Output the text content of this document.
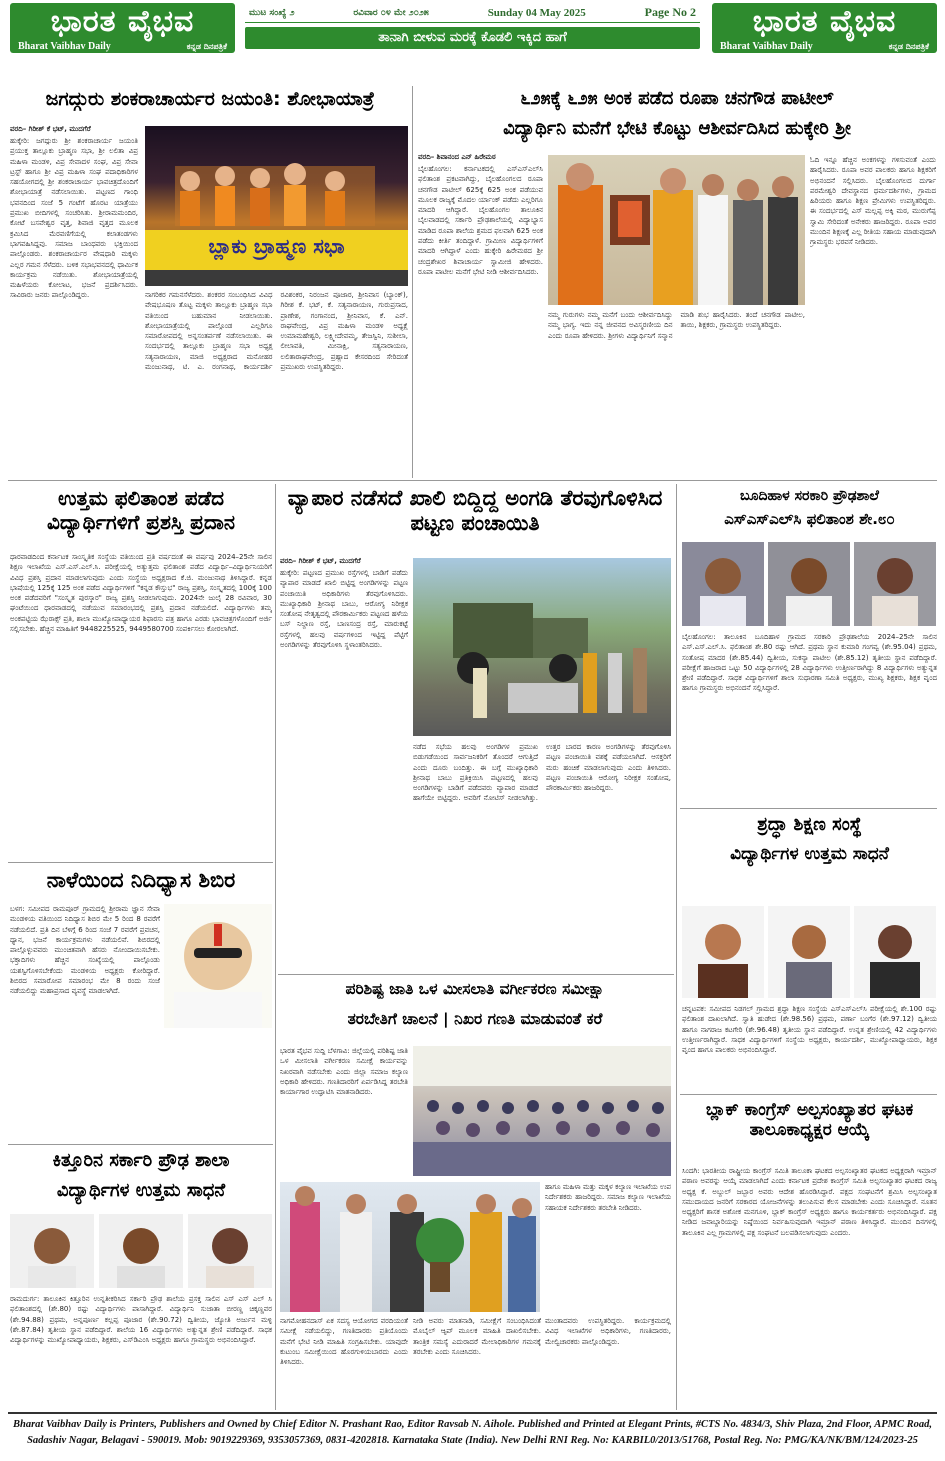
ಭಾರತ ವೈಭವ
Bharat Vaibhav Daily	ಕನ್ನಡ ದಿನಪತ್ರಿಕೆ
ಮುಟ ಸಂಖ್ಯೆ ೨	ರವಿವಾರ ೦೪ ಮೇ ೨೦೨೫	Sunday 04 May 2025	Page No 2
ತಾನಾಗಿ ಬೀಳುವ ಮರಕ್ಕೆ ಕೊಡಲಿ ಇಕ್ಕಿದ ಹಾಗೆ	ಭಾರತ ವೈಭವ
Bharat Vaibhav Daily	ಕನ್ನಡ ದಿನಪತ್ರಿಕೆ
ಜಗದ್ಗುರು ಶಂಕರಾಚಾರ್ಯರ ಜಯಂತಿ: ಶೋಭಾಯಾತ್ರೆ
ವರದಿ– ಗಿರೀಶ್ ಕೆ ಭಟ್, ಮುದಗೆರೆ
ಹುಕ್ಕೇರಿ: ಜಗದ್ಗುರು ಶ್ರೀ ಶಂಕರಾಚಾರ್ಯ ಜಯಂತಿ ಪ್ರಯುಕ್ತ ತಾಲ್ಲೂಕು ಬ್ರಾಹ್ಮಣ ಸಭಾ, ಶ್ರೀ ಲಲಿತಾ ವಿಪ್ರ ಮಹಿಳಾ ಮಂಡಳಿ, ವಿಪ್ರ ಸೇವಾದಳ ಸಂಘ, ವಿಪ್ರ ಸೇವಾ ಟ್ರಸ್ಟ್ ಹಾಗೂ ಶ್ರೀ ವಿಪ್ರ ಮಹಿಳಾ ಸಂಘ ಪದಾಧಿಕಾರಿಗಳ ಸಹಯೋಗದಲ್ಲಿ ಶ್ರೀ ಶಂಕರಾಚಾರ್ಯ ಭಾವಚಿತ್ರದೊಂದಿಗೆ ಶೋಭಾಯಾತ್ರೆ ನಡೆಸಲಾಯಿತು. ಪಟ್ಟಣದ ಗಾಂಧಿ ಭವನದಿಂದ ಸಂಜೆ 5 ಗಂಟೆಗೆ ಹೊರಟ ಯಾತ್ರೆಯು ಪ್ರಮುಖ ಬೀದಿಗಳಲ್ಲಿ ಸಂಚರಿಸಿತು. ಶ್ರೀರಾಮಮಂದಿರ, ಕೋಟೆ ಬಸವೇಶ್ವರ ವೃತ್ತ, ಶಿವಾಜಿ ವೃತ್ತದ ಮೂಲಕ ಕ್ರಮಿಸಿದ ಮೆರವಣಿಗೆಯಲ್ಲಿ ಕಲಾತಂಡಗಳು ಭಾಗವಹಿಸಿದ್ದವು. ಸಮಾಜ ಬಾಂಧವರು ಭಕ್ತಿಯಿಂದ ಪಾಲ್ಗೊಂಡರು. ಶಂಕರಾಚಾರ್ಯರ ವೇಷಧಾರಿ ಮಕ್ಕಳು ಎಲ್ಲರ ಗಮನ ಸೆಳೆದರು. ಬಳಿಕ ಸಭಾಭವನದಲ್ಲಿ ಧಾರ್ಮಿಕ ಕಾರ್ಯಕ್ರಮ ನಡೆಯಿತು. ಶೋಭಾಯಾತ್ರೆಯಲ್ಲಿ ಮಹಿಳೆಯರು ಕೋಲಾಟ, ಭಜನೆ ಪ್ರದರ್ಶಿಸಿದರು. ಸಾವಿರಾರು ಜನರು ಪಾಲ್ಗೊಂಡಿದ್ದರು.
ಬ್ಲಾಕು ಬ್ರಾಹ್ಮಣ ಸಭಾ
ನಾಗರಿಕರ ಗಮನಸೆಳೆದರು. ಶಂಕರರ ಸಂಬಂಧಿಸಿದ ವಿವಿಧ ವೇಷಭೂಷಣ ತೊಟ್ಟ ಮಕ್ಕಳು ತಾಲ್ಲೂಕು ಬ್ರಾಹ್ಮಣ ಸಭಾ ವತಿಯಿಂದ ಬಹುಮಾನ ನೀಡಲಾಯಿತು. ಶೋಭಾಯಾತ್ರೆಯಲ್ಲಿ ಪಾಲ್ಗೊಂಡ ಎಲ್ಲರಿಗೂ ಸಮಾರೋಪದಲ್ಲಿ ಅನ್ನಸಂತರ್ಪಣೆ ನಡೆಸಲಾಯಿತು. ಈ ಸಂದರ್ಭದಲ್ಲಿ ತಾಲ್ಲೂಕು ಬ್ರಾಹ್ಮಣ ಸಭಾ ಅಧ್ಯಕ್ಷ ಸತ್ಯನಾರಾಯಣ, ಮಾಜಿ ಅಧ್ಯಕ್ಷರಾದ ಮನೋಹರ ಮಂಜುನಾಥ, ಟಿ. ಎ. ರಂಗನಾಥ, ಕಾರ್ಯದರ್ಶಿ ರವಿಶಂಕರ, ನಿರಂಜನ ಪೂಜಾರ, ಶ್ರೀನಿವಾಸ (ಬ್ಯಾಂಕ್), ಗಿರೀಶ ಕೆ. ಭಟ್, ಕೆ. ಸತ್ಯನಾರಾಯಣ, ಗುರುಪ್ರಸಾದ, ಪ್ರಾಣೇಶ, ಗಂಗಾನಂದ, ಶ್ರೀನಿವಾಸ, ಕೆ. ಎನ್. ರಾಘವೇಂದ್ರ, ವಿಪ್ರ ಮಹಿಳಾ ಮಂಡಳಿ ಅಧ್ಯಕ್ಷೆ ಉಮಾಮಹೇಶ್ವರಿ, ಲಕ್ಷ್ಮೀದೇವಮ್ಮ, ತೇಜಸ್ವಿನಿ, ಸುಶೀಲಾ, ಲೀಲಾವತಿ, ಮೀನಾಕ್ಷಿ, ಸತ್ಯನಾರಾಯಣ, ಲಲಿತಾರಾಘವೇಂದ್ರ, ಪ್ರಹ್ಲಾದ ಕೇಸರದಿಂದ ಸೇರಿದಂತೆ ಪ್ರಮುಖರು ಉಪಸ್ಥಿತರಿದ್ದರು.
೬೨೫ಕ್ಕೆ ೬೨೫ ಅಂಕ ಪಡೆದ ರೂಪಾ ಚನಗೌಡ ಪಾಟೀಲ್
ವಿದ್ಯಾರ್ಥಿನಿ ಮನೆಗೆ ಭೇಟಿ ಕೊಟ್ಟು ಆಶೀರ್ವದಿಸಿದ ಹುಕ್ಕೇರಿ ಶ್ರೀ
ವರದಿ– ಶಿವಾನಂದ ಎನ್ ಹಿರೇಮಠ
ಬೈಲಹೊಂಗಲ: ಕರ್ನಾಟಕದಲ್ಲಿ ಎಸ್‌ಎಸ್‌ಎಲ್‌ಸಿ ಫಲಿತಾಂಶ ಪ್ರಕಟವಾಗಿದ್ದು, ಬೈಲಹೊಂಗಲದ ರೂಪಾ ಚನಗೌಡ ಪಾಟೀಲ್ 625ಕ್ಕೆ 625 ಅಂಕ ಪಡೆಯುವ ಮೂಲಕ ರಾಜ್ಯಕ್ಕೆ ಮೊದಲ ರ್ಯಾಂಕ್ ಪಡೆದು ಎಲ್ಲರಿಗೂ ಮಾದರಿ ಆಗಿದ್ದಾರೆ. ಬೈಲಹೊಂಗಲ ತಾಲೂಕಿನ ಬೈಲವಾಡದಲ್ಲಿ ಸರ್ಕಾರಿ ಪ್ರೌಢಶಾಲೆಯಲ್ಲಿ ವಿದ್ಯಾಭ್ಯಾಸ ಮಾಡಿದ ರೂಪಾ ಶಾಲೆಯ ಶ್ರಮದ ಫಲವಾಗಿ 625 ಅಂಕ ಪಡೆದು ಕೀರ್ತಿ ತಂದಿದ್ದಾಳೆ. ಗ್ರಾಮೀಣ ವಿದ್ಯಾರ್ಥಿಗಳಿಗೆ ಮಾದರಿ ಆಗಿದ್ದಾಳೆ ಎಂದು ಹುಕ್ಕೇರಿ ಹಿರೇಮಠದ ಶ್ರೀ ಚಂದ್ರಶೇಖರ ಶಿವಾಚಾರ್ಯ ಸ್ವಾಮೀಜಿ ಹೇಳಿದರು. ರೂಪಾ ಪಾಟೀಲ ಮನೆಗೆ ಭೇಟಿ ನೀಡಿ ಆಶೀರ್ವದಿಸಿದರು.
ನಮ್ಮ ಗುರುಗಳು ನಮ್ಮ ಮನೆಗೆ ಬಂದು ಆಶೀರ್ವದಿಸಿದ್ದು ನಮ್ಮ ಭಾಗ್ಯ. ಇದು ನನ್ನ ಜೀವನದ ಅವಿಸ್ಮರಣೀಯ ದಿನ ಎಂದು ರೂಪಾ ಹೇಳಿದರು. ಶ್ರೀಗಳು ವಿದ್ಯಾರ್ಥಿನಿಗೆ ಸನ್ಮಾನ ಮಾಡಿ ಶುಭ ಹಾರೈಸಿದರು. ತಂದೆ ಚನಗೌಡ ಪಾಟೀಲ, ತಾಯಿ, ಶಿಕ್ಷಕರು, ಗ್ರಾಮಸ್ಥರು ಉಪಸ್ಥಿತರಿದ್ದರು.
ಓದಿ ಇನ್ನೂ ಹೆಚ್ಚಿನ ಅಂಕಗಳನ್ನು ಗಳಿಸುವಂತೆ ಎಂದು ಹಾರೈಸಿದರು. ರೂಪಾ ಅವರ ಪಾಲಕರು ಹಾಗೂ ಶಿಕ್ಷಕರಿಗೆ ಅಭಿನಂದನೆ ಸಲ್ಲಿಸಿದರು. ಬೈಲಹೊಂಗಲದ ದುರ್ಗಾ ಪರಮೇಶ್ವರಿ ದೇವಸ್ಥಾನದ ಧರ್ಮದರ್ಶಿಗಳು, ಗ್ರಾಮದ ಹಿರಿಯರು ಹಾಗೂ ಶಿಕ್ಷಣ ಪ್ರೇಮಿಗಳು ಉಪಸ್ಥಿತರಿದ್ದರು. ಈ ಸಂದರ್ಭದಲ್ಲಿ ಎಸ್ ಮಲ್ಲಪ್ಪ ಅಕ್ಕಿ ಮಠ, ಮುರುಗೆಪ್ಪ ಸ್ವಾಮಿ ಸೇರಿದಂತೆ ಅನೇಕರು ಹಾಜರಿದ್ದರು. ರೂಪಾ ಅವರ ಮುಂದಿನ ಶಿಕ್ಷಣಕ್ಕೆ ಎಲ್ಲ ರೀತಿಯ ಸಹಾಯ ಮಾಡುವುದಾಗಿ ಗ್ರಾಮಸ್ಥರು ಭರವಸೆ ನೀಡಿದರು.
ಉತ್ತಮ ಫಲಿತಾಂಶ ಪಡೆದ ವಿದ್ಯಾರ್ಥಿಗಳಿಗೆ ಪ್ರಶಸ್ತಿ ಪ್ರದಾನ
ಧಾರವಾಡದಿಂದ ಕರ್ನಾಟಕ ಸಾಂಸ್ಕೃತಿಕ ಸಂಸ್ಥೆಯ ವತಿಯಿಂದ ಪ್ರತಿ ವರ್ಷದಂತೆ ಈ ವರ್ಷವು 2024–25ನೇ ಸಾಲಿನ ಶಿಕ್ಷಣ ಇಲಾಖೆಯ ಎಸ್.ಎಸ್.ಎಲ್.ಸಿ. ಪರೀಕ್ಷೆಯಲ್ಲಿ ಅತ್ಯುತ್ತಮ ಫಲಿತಾಂಶ ಪಡೆದ ವಿದ್ಯಾರ್ಥಿ–ವಿದ್ಯಾರ್ಥಿನಿಯರಿಗೆ ವಿವಿಧ ಪ್ರಶಸ್ತಿ ಪ್ರದಾನ ಮಾಡಲಾಗುವುದು ಎಂದು ಸಂಸ್ಥೆಯ ಅಧ್ಯಕ್ಷರಾದ ಕೆ.ಜಿ. ಮಂಜುನಾಥ ತಿಳಿಸಿದ್ದಾರೆ. ಕನ್ನಡ ಭಾಷೆಯಲ್ಲಿ 125ಕ್ಕೆ 125 ಅಂಕ ಪಡೆದ ವಿದ್ಯಾರ್ಥಿಗಳಿಗೆ "ಕನ್ನಡ ಕೌಸ್ತುಭ" ರಾಜ್ಯ ಪ್ರಶಸ್ತಿ, ಸಂಸ್ಕೃತದಲ್ಲಿ 100ಕ್ಕೆ 100 ಅಂಕ ಪಡೆದವರಿಗೆ "ಸಂಸ್ಕೃತ ಪುರಸ್ಕಾರ" ರಾಜ್ಯ ಪ್ರಶಸ್ತಿ ನೀಡಲಾಗುವುದು. 2024ನೇ ಜುಲೈ 28 ರವಿವಾರ, 30 ಘಂಟೆಯಿಂದ ಧಾರವಾಡದಲ್ಲಿ ನಡೆಯುವ ಸಮಾರಂಭದಲ್ಲಿ ಪ್ರಶಸ್ತಿ ಪ್ರದಾನ ನಡೆಯಲಿದೆ. ವಿದ್ಯಾರ್ಥಿಗಳು ತಮ್ಮ ಅಂಕಪಟ್ಟಿಯ ಝೆರಾಕ್ಸ್ ಪ್ರತಿ, ಶಾಲಾ ಮುಖ್ಯೋಪಾಧ್ಯಾಯರ ಶಿಫಾರಸು ಪತ್ರ ಹಾಗೂ ಎರಡು ಭಾವಚಿತ್ರಗಳೊಂದಿಗೆ ಅರ್ಜಿ ಸಲ್ಲಿಸಬೇಕು. ಹೆಚ್ಚಿನ ಮಾಹಿತಿಗೆ 9448225525, 9449580700 ಸಂಪರ್ಕಿಸಲು ಕೋರಲಾಗಿದೆ.
ವ್ಯಾಪಾರ ನಡೆಸದೆ ಖಾಲಿ ಬಿದ್ದಿದ್ದ ಅಂಗಡಿ ತೆರವುಗೊಳಿಸಿದ ಪಟ್ಟಣ ಪಂಚಾಯಿತಿ
ವರದಿ– ಗಿರೀಶ್ ಕೆ ಭಟ್, ಮುದಗೆರೆ
ಹುಕ್ಕೇರಿ: ಪಟ್ಟಣದ ಪ್ರಮುಖ ರಸ್ತೆಗಳಲ್ಲಿ ಬಾಡಿಗೆ ಪಡೆದು ವ್ಯಾಪಾರ ಮಾಡದೆ ಖಾಲಿ ಬಿಟ್ಟಿದ್ದ ಅಂಗಡಿಗಳನ್ನು ಪಟ್ಟಣ ಪಂಚಾಯಿತಿ ಅಧಿಕಾರಿಗಳು ತೆರವುಗೊಳಿಸಿದರು. ಮುಖ್ಯಾಧಿಕಾರಿ ಶ್ರೀನಾಥ ಬಾಬು, ಆರೋಗ್ಯ ನಿರೀಕ್ಷಕ ಸಂತೋಷ ನೇತೃತ್ವದಲ್ಲಿ ಪೌರಕಾರ್ಮಿಕರು ಪಟ್ಟಣದ ಹಳೆಯ ಬಸ್ ನಿಲ್ದಾಣ ರಸ್ತೆ, ಬಾಣಸಂದ್ರ ರಸ್ತೆ, ಮಾರುಕಟ್ಟೆ ರಸ್ತೆಗಳಲ್ಲಿ ಹಲವು ವರ್ಷಗಳಿಂದ ಇಟ್ಟಿದ್ದ ಪೆಟ್ಟಿಗೆ ಅಂಗಡಿಗಳನ್ನು ತೆರವುಗೊಳಿಸಿ ಸ್ಥಳಾಂತರಿಸಿದರು.
ನಡೆದ ಸಭೆಯ ಹಲವು ಅಂಗಡಿಗಳ ಪ್ರಮುಖ ಬಿಡುಗಡೆಯಿಂದ ಸಾರ್ವಜನಿಕರಿಗೆ ತೊಂದರೆ ಆಗುತ್ತಿದೆ ಎಂದು ದೂರು ಬಂದಿತ್ತು. ಈ ಬಗ್ಗೆ ಮುಖ್ಯಾಧಿಕಾರಿ ಶ್ರೀನಾಥ ಬಾಬು ಪ್ರತಿಕ್ರಿಯಿಸಿ ಪಟ್ಟಣದಲ್ಲಿ ಹಲವು ಅಂಗಡಿಗಳನ್ನು ಬಾಡಿಗೆ ಪಡೆದವರು ವ್ಯಾಪಾರ ಮಾಡದೆ ಹಾಗೆಯೇ ಬಿಟ್ಟಿದ್ದರು. ಅವರಿಗೆ ನೋಟಿಸ್ ನೀಡಲಾಗಿತ್ತು. ಉತ್ತರ ಬಾರದ ಕಾರಣ ಅಂಗಡಿಗಳನ್ನು ತೆರವುಗೊಳಿಸಿ ಪಟ್ಟಣ ಪಂಚಾಯಿತಿ ವಶಕ್ಕೆ ಪಡೆಯಲಾಗಿದೆ. ಆಸಕ್ತರಿಗೆ ಮರು ಹಂಚಿಕೆ ಮಾಡಲಾಗುವುದು ಎಂದು ತಿಳಿಸಿದರು. ಪಟ್ಟಣ ಪಂಚಾಯಿತಿ ಆರೋಗ್ಯ ನಿರೀಕ್ಷಕ ಸಂತೋಷ, ಪೌರಕಾರ್ಮಿಕರು ಹಾಜರಿದ್ದರು.
ಬೂದಿಹಾಳ ಸರಕಾರಿ ಪ್ರೌಢಶಾಲೆ
ಎಸ್‌ಎಸ್‌ಎಲ್‌ಸಿ ಫಲಿತಾಂಶ ಶೇ.೮೦
ಬೈಲಹೊಂಗಲ: ತಾಲೂಕಿನ ಬೂದಿಹಾಳ ಗ್ರಾಮದ ಸರಕಾರಿ ಪ್ರೌಢಶಾಲೆಯ 2024–25ನೇ ಸಾಲಿನ ಎಸ್.ಎಸ್.ಎಲ್.ಸಿ. ಫಲಿತಾಂಶ ಶೇ.80 ರಷ್ಟು ಆಗಿದೆ. ಪ್ರಥಮ ಸ್ಥಾನ ಕುಮಾರಿ ಗಂಗವ್ವ (ಶೇ.95.04) ಪ್ರಥಮ, ಸಂತೋಷ ಮಾದರ (ಶೇ.85.44) ದ್ವಿತೀಯ, ಸುಕನ್ಯಾ ಪಾಟೀಲ (ಶೇ.85.12) ತೃತೀಯ ಸ್ಥಾನ ಪಡೆದಿದ್ದಾರೆ. ಪರೀಕ್ಷೆಗೆ ಹಾಜರಾದ ಒಟ್ಟು 50 ವಿದ್ಯಾರ್ಥಿಗಳಲ್ಲಿ 28 ವಿದ್ಯಾರ್ಥಿಗಳು ಉತ್ತೀರ್ಣರಾಗಿದ್ದು 8 ವಿದ್ಯಾರ್ಥಿಗಳು ಅತ್ಯುನ್ನತ ಶ್ರೇಣಿ ಪಡೆದಿದ್ದಾರೆ. ಸಾಧಕ ವಿದ್ಯಾರ್ಥಿಗಳಿಗೆ ಶಾಲಾ ಸುಧಾರಣಾ ಸಮಿತಿ ಅಧ್ಯಕ್ಷರು, ಮುಖ್ಯ ಶಿಕ್ಷಕರು, ಶಿಕ್ಷಕ ವೃಂದ ಹಾಗೂ ಗ್ರಾಮಸ್ಥರು ಅಭಿನಂದನೆ ಸಲ್ಲಿಸಿದ್ದಾರೆ.
ಶ್ರದ್ಧಾ ಶಿಕ್ಷಣ ಸಂಸ್ಥೆ
ವಿದ್ಯಾರ್ಥಿಗಳ ಉತ್ತಮ ಸಾಧನೆ
ಚನ್ನಟಪಕ: ಸಮೀಪದ ನಿಡಗಲ್ ಗ್ರಾಮದ ಶ್ರದ್ಧಾ ಶಿಕ್ಷಣ ಸಂಸ್ಥೆಯ ಎಸ್‌ಎಸ್‌ಎಲ್‌ಸಿ ಪರೀಕ್ಷೆಯಲ್ಲಿ ಶೇ.100 ರಷ್ಟು ಫಲಿತಾಂಶ ದಾಖಲಾಗಿದೆ. ಸ್ವಾತಿ ಹುಡೇದ (ಶೇ.98.56) ಪ್ರಥಮ, ಪರ್ಣಾ ಬಂಗೆರ (ಶೇ.97.12) ದ್ವಿತೀಯ ಹಾಗೂ ನಾಗರಾಜ ಕಟಗೇರಿ (ಶೇ.96.48) ತೃತೀಯ ಸ್ಥಾನ ಪಡೆದಿದ್ದಾರೆ. ಉನ್ನತ ಶ್ರೇಣಿಯಲ್ಲಿ 42 ವಿದ್ಯಾರ್ಥಿಗಳು ಉತ್ತೀರ್ಣರಾಗಿದ್ದಾರೆ. ಸಾಧಕ ವಿದ್ಯಾರ್ಥಿಗಳಿಗೆ ಸಂಸ್ಥೆಯ ಅಧ್ಯಕ್ಷರು, ಕಾರ್ಯದರ್ಶಿ, ಮುಖ್ಯೋಪಾಧ್ಯಾಯರು, ಶಿಕ್ಷಕ ವೃಂದ ಹಾಗೂ ಪಾಲಕರು ಅಭಿನಂದಿಸಿದ್ದಾರೆ.
ನಾಳೆಯಿಂದ ನಿದಿಧ್ಯಾಸ ಶಿಬಿರ
ಬಳಗ: ಸಮೀಪದ ರಾಮಪೂರ್ ಗ್ರಾಮದಲ್ಲಿ ಶ್ರೀರಾಮ ಜ್ಞಾನ ಸೇವಾ ಮಂಡಳಿಯ ವತಿಯಿಂದ ನಿದಿಧ್ಯಾಸ ಶಿಬಿರ ಮೇ 5 ರಿಂದ 8 ರವರೆಗೆ ನಡೆಯಲಿದೆ. ಪ್ರತಿ ದಿನ ಬೆಳಿಗ್ಗೆ 6 ರಿಂದ ಸಂಜೆ 7 ರವರೆಗೆ ಪ್ರವಚನ, ಧ್ಯಾನ, ಭಜನೆ ಕಾರ್ಯಕ್ರಮಗಳು ನಡೆಯಲಿವೆ. ಶಿಬಿರದಲ್ಲಿ ಪಾಲ್ಗೊಳ್ಳುವವರು ಮುಂಚಿತವಾಗಿ ಹೆಸರು ನೋಂದಾಯಿಸಬೇಕು. ಭಕ್ತಾದಿಗಳು ಹೆಚ್ಚಿನ ಸಂಖ್ಯೆಯಲ್ಲಿ ಪಾಲ್ಗೊಂಡು ಯಶಸ್ವಿಗೊಳಿಸಬೇಕೆಂದು ಮಂಡಳಿಯ ಅಧ್ಯಕ್ಷರು ಕೋರಿದ್ದಾರೆ. ಶಿಬಿರದ ಸಮಾರೋಪ ಸಮಾರಂಭ ಮೇ 8 ರಂದು ಸಂಜೆ ನಡೆಯಲಿದ್ದು ಮಹಾಪ್ರಸಾದ ವ್ಯವಸ್ಥೆ ಮಾಡಲಾಗಿದೆ.	ಪರಿಶಿಷ್ಟ ಜಾತಿ ಒಳ ಮೀಸಲಾತಿ ವರ್ಗೀಕರಣ ಸಮೀಕ್ಷಾ
ತರಬೇತಿಗೆ ಚಾಲನೆ | ನಿಖರ ಗಣತಿ ಮಾಡುವಂತೆ ಕರೆ
ಭಾರತ ವೈಭವ ಸುದ್ದಿ ಬೆಳಗಾವಿ: ಜಿಲ್ಲೆಯಲ್ಲಿ ಪರಿಶಿಷ್ಟ ಜಾತಿ ಒಳ ಮೀಸಲಾತಿ ವರ್ಗೀಕರಣ ಸಮೀಕ್ಷೆ ಕಾರ್ಯವನ್ನು ನಿಖರವಾಗಿ ನಡೆಸಬೇಕು ಎಂದು ಜಿಲ್ಲಾ ಸಮಾಜ ಕಲ್ಯಾಣ ಅಧಿಕಾರಿ ಹೇಳಿದರು. ಗಣತಿದಾರರಿಗೆ ಏರ್ಪಡಿಸಿದ್ದ ತರಬೇತಿ ಕಾರ್ಯಾಗಾರ ಉದ್ಘಾಟಿಸಿ ಮಾತನಾಡಿದರು.
ಹಾಗೂ ಮಹಿಳಾ ಮತ್ತು ಮಕ್ಕಳ ಕಲ್ಯಾಣ ಇಲಾಖೆಯ ಉಪ ನಿರ್ದೇಶಕರು ಹಾಜರಿದ್ದರು. ಸಮಾಜ ಕಲ್ಯಾಣ ಇಲಾಖೆಯ ಸಹಾಯಕ ನಿರ್ದೇಶಕರು ತರಬೇತಿ ನೀಡಿದರು.
ನಾಗಮೋಹನದಾಸ್ ಏಕ ಸದಸ್ಯ ಆಯೋಗದ ವರದಿಯಂತೆ ಸಮೀಕ್ಷೆ ನಡೆಯಲಿದ್ದು, ಗಣತಿದಾರರು ಪ್ರತಿಯೊಂದು ಮನೆಗೆ ಭೇಟಿ ನೀಡಿ ಮಾಹಿತಿ ಸಂಗ್ರಹಿಸಬೇಕು. ಯಾವುದೇ ಕುಟುಂಬ ಸಮೀಕ್ಷೆಯಿಂದ ಹೊರಗುಳಿಯಬಾರದು ಎಂದು ತಿಳಿಸಿದರು.
ನೀಡಿ ಅವರು ಮಾತನಾಡಿ, ಸಮೀಕ್ಷೆಗೆ ಸಂಬಂಧಿಸಿದಂತೆ ಮೊಬೈಲ್ ಆ್ಯಪ್ ಮೂಲಕ ಮಾಹಿತಿ ದಾಖಲಿಸಬೇಕು. ತಾಂತ್ರಿಕ ಸಮಸ್ಯೆ ಎದುರಾದರೆ ಮೇಲಾಧಿಕಾರಿಗಳ ಗಮನಕ್ಕೆ ತರಬೇಕು ಎಂದು ಸೂಚಿಸಿದರು.
ಮುಂತಾದವರು ಉಪಸ್ಥಿತರಿದ್ದರು. ಕಾರ್ಯಕ್ರಮದಲ್ಲಿ ವಿವಿಧ ಇಲಾಖೆಗಳ ಅಧಿಕಾರಿಗಳು, ಗಣತಿದಾರರು, ಮೇಲ್ವಿಚಾರಕರು ಪಾಲ್ಗೊಂಡಿದ್ದರು.
ಬ್ಲಾಕ್ ಕಾಂಗ್ರೆಸ್ ಅಲ್ಪಸಂಖ್ಯಾತರ ಘಟಕ ತಾಲೂಕಾಧ್ಯಕ್ಷರ ಆಯ್ಕೆ
ಸಿಂದಗಿ: ಭಾರತೀಯ ರಾಷ್ಟ್ರೀಯ ಕಾಂಗ್ರೆಸ್ ಸಮಿತಿ ತಾಲೂಕಾ ಘಟಕದ ಅಲ್ಪಸಂಖ್ಯಾತರ ಘಟಕದ ಅಧ್ಯಕ್ಷರಾಗಿ ಇಮ್ರಾನ್ ಪಠಾಣ ಅವರನ್ನು ಆಯ್ಕೆ ಮಾಡಲಾಗಿದೆ ಎಂದು ಕರ್ನಾಟಕ ಪ್ರದೇಶ ಕಾಂಗ್ರೆಸ್ ಸಮಿತಿ ಅಲ್ಪಸಂಖ್ಯಾತರ ಘಟಕದ ರಾಜ್ಯ ಅಧ್ಯಕ್ಷ ಕೆ. ಅಬ್ದುಲ್ ಜಬ್ಬಾರ ಅವರು ಆದೇಶ ಹೊರಡಿಸಿದ್ದಾರೆ. ಪಕ್ಷದ ಸಂಘಟನೆಗೆ ಶ್ರಮಿಸಿ ಅಲ್ಪಸಂಖ್ಯಾತ ಸಮುದಾಯದ ಜನರಿಗೆ ಸರಕಾರದ ಯೋಜನೆಗಳನ್ನು ತಲುಪಿಸುವ ಕೆಲಸ ಮಾಡಬೇಕು ಎಂದು ಸೂಚಿಸಿದ್ದಾರೆ. ನೂತನ ಅಧ್ಯಕ್ಷರಿಗೆ ಶಾಸಕ ಅಶೋಕ ಮನಗೂಳಿ, ಬ್ಲಾಕ್ ಕಾಂಗ್ರೆಸ್ ಅಧ್ಯಕ್ಷರು ಹಾಗೂ ಕಾರ್ಯಕರ್ತರು ಅಭಿನಂದಿಸಿದ್ದಾರೆ. ಪಕ್ಷ ನೀಡಿದ ಜವಾಬ್ದಾರಿಯನ್ನು ನಿಷ್ಠೆಯಿಂದ ನಿರ್ವಹಿಸುವುದಾಗಿ ಇಮ್ರಾನ್ ಪಠಾಣ ತಿಳಿಸಿದ್ದಾರೆ. ಮುಂದಿನ ದಿನಗಳಲ್ಲಿ ತಾಲೂಕಿನ ಎಲ್ಲ ಗ್ರಾಮಗಳಲ್ಲಿ ಪಕ್ಷ ಸಂಘಟನೆ ಬಲಪಡಿಸಲಾಗುವುದು ಎಂದರು.
ಕಿತ್ತೂರಿನ ಸರ್ಕಾರಿ ಪ್ರೌಢ ಶಾಲಾ
ವಿದ್ಯಾರ್ಥಿಗಳ ಉತ್ತಮ ಸಾಧನೆ
ರಾಮದುರ್ಗ: ತಾಲೂಕಿನ ಕಿತ್ತೂರಿನ ಉನ್ನತೀಕರಿಸಿದ ಸರ್ಕಾರಿ ಪ್ರೌಢ ಶಾಲೆಯ ಪ್ರಸಕ್ತ ಸಾಲಿನ ಎಸ್ ಎಸ್ ಎಲ್ ಸಿ ಫಲಿತಾಂಶದಲ್ಲಿ (ಶೇ.80) ರಷ್ಟು ವಿದ್ಯಾರ್ಥಿಗಳು ಪಾಸಾಗಿದ್ದಾರೆ. ವಿದ್ಯಾರ್ಥಿನಿ ಸುಜಾತಾ ಬೀರಣ್ಣ ಚಿಕ್ಕಣ್ಣವರ (ಶೇ.94.88) ಪ್ರಥಮ, ಅನ್ನಪೂರ್ಣ ಕಲ್ಲಪ್ಪ ಪೂಜಾರ (ಶೇ.90.72) ದ್ವಿತೀಯ, ಜ್ಯೋತಿ ಅರ್ಜುನ ಮಳ್ಳಿ (ಶೇ.87.84) ತೃತೀಯ ಸ್ಥಾನ ಪಡೆದಿದ್ದಾರೆ. ಶಾಲೆಯ 16 ವಿದ್ಯಾರ್ಥಿಗಳು ಅತ್ಯುನ್ನತ ಶ್ರೇಣಿ ಪಡೆದಿದ್ದಾರೆ. ಸಾಧಕ ವಿದ್ಯಾರ್ಥಿಗಳನ್ನು ಮುಖ್ಯೋಪಾಧ್ಯಾಯರು, ಶಿಕ್ಷಕರು, ಎಸ್‌ಡಿಎಂಸಿ ಅಧ್ಯಕ್ಷರು ಹಾಗೂ ಗ್ರಾಮಸ್ಥರು ಅಭಿನಂದಿಸಿದ್ದಾರೆ.
Bharat Vaibhav Daily is Printers, Publishers and Owned by Chief Editor N. Prashant Rao, Editor Ravsab N. Aihole. Published and Printed at Elegant Prints, #CTS No. 4834/3, Shiv Plaza, 2nd Floor, APMC Road,
Sadashiv Nagar, Belagavi - 590019. Mob: 9019229369, 9353057369, 0831-4202818. Karnataka State (India). New Delhi RNI Reg. No: KARBIL0/2013/51768, Postal Reg. No: PMG/KA/NK/BM/124/2023-25
